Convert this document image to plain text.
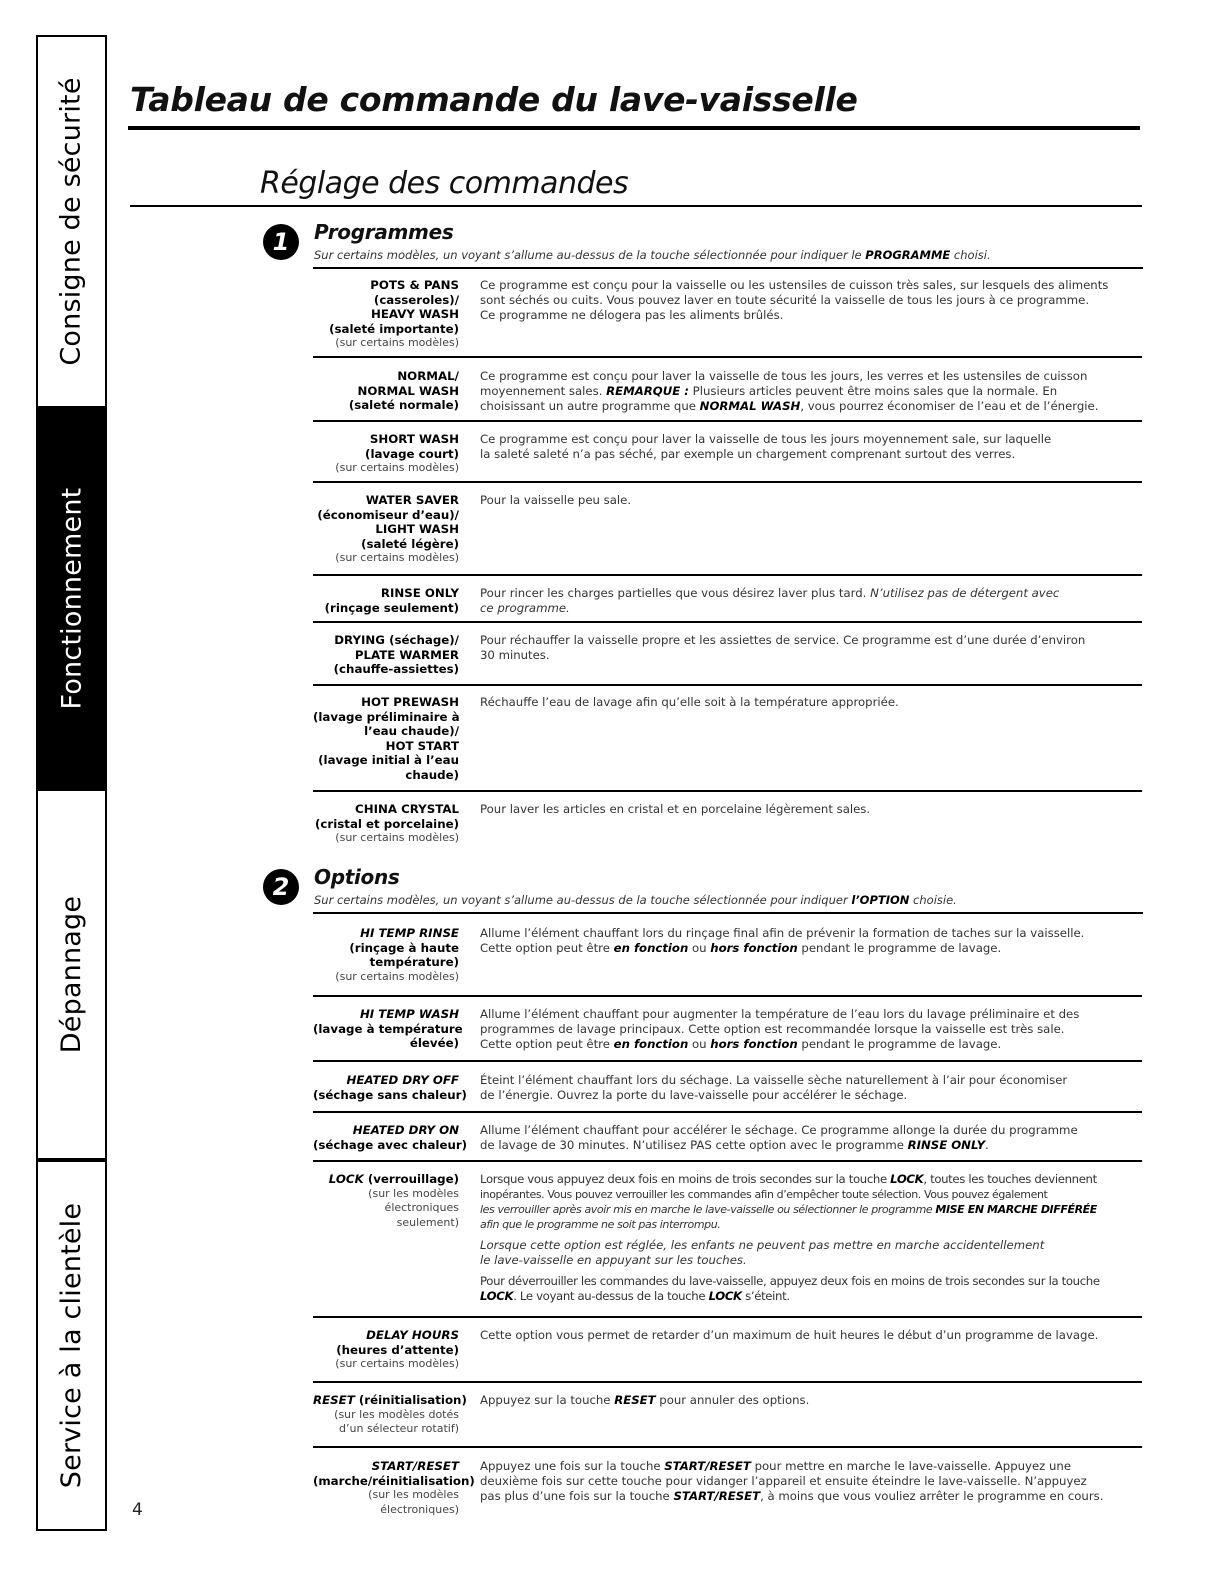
Consigne de sécurité
Fonctionnement
Dépannage
Service à la clientèle
Tableau de commande du lave-vaisselle
Réglage des commandes
1	Programmes
Sur certains modèles, un voyant s’allume au-dessus de la touche sélectionnée pour indiquer le PROGRAMME choisi.
POTS & PANS
(casseroles)/
HEAVY WASH
(saleté importante)
(sur certains modèles)
Ce programme est conçu pour la vaisselle ou les ustensiles de cuisson très sales, sur lesquels des aliments
sont séchés ou cuits. Vous pouvez laver en toute sécurité la vaisselle de tous les jours à ce programme.
Ce programme ne délogera pas les aliments brûlés.
NORMAL/
NORMAL WASH
(saleté normale)
Ce programme est conçu pour laver la vaisselle de tous les jours, les verres et les ustensiles de cuisson
moyennement sales. REMARQUE : Plusieurs articles peuvent être moins sales que la normale. En
choisissant un autre programme que NORMAL WASH, vous pourrez économiser de l’eau et de l’énergie.
SHORT WASH
(lavage court)
(sur certains modèles)
Ce programme est conçu pour laver la vaisselle de tous les jours moyennement sale, sur laquelle
la saleté saleté n’a pas séché, par exemple un chargement comprenant surtout des verres.
WATER SAVER
(économiseur d’eau)/
LIGHT WASH
(saleté légère)
(sur certains modèles)
Pour la vaisselle peu sale.
RINSE ONLY
(rinçage seulement)
Pour rincer les charges partielles que vous désirez laver plus tard. N’utilisez pas de détergent avec
ce programme.
DRYING (séchage)/
PLATE WARMER
(chauffe-assiettes)
Pour réchauffer la vaisselle propre et les assiettes de service. Ce programme est d’une durée d’environ
30 minutes.
HOT PREWASH
(lavage préliminaire à
l’eau chaude)/
HOT START
(lavage initial à l’eau
chaude)
Réchauffe l’eau de lavage afin qu’elle soit à la température appropriée.
CHINA CRYSTAL
(cristal et porcelaine)
(sur certains modèles)
Pour laver les articles en cristal et en porcelaine légèrement sales.
2	Options
Sur certains modèles, un voyant s’allume au-dessus de la touche sélectionnée pour indiquer l’OPTION choisie.
HI TEMP RINSE
(rinçage à haute
température)
(sur certains modèles)
Allume l’élément chauffant lors du rinçage final afin de prévenir la formation de taches sur la vaisselle.
Cette option peut être en fonction ou hors fonction pendant le programme de lavage.
HI TEMP WASH
(lavage à température
élevée)
Allume l’élément chauffant pour augmenter la température de l’eau lors du lavage préliminaire et des
programmes de lavage principaux. Cette option est recommandée lorsque la vaisselle est très sale.
Cette option peut être en fonction ou hors fonction pendant le programme de lavage.
HEATED DRY OFF
(séchage sans chaleur)
Éteint l’élément chauffant lors du séchage. La vaisselle sèche naturellement à l’air pour économiser
de l’énergie. Ouvrez la porte du lave-vaisselle pour accélérer le séchage.
HEATED DRY ON
(séchage avec chaleur)
Allume l’élément chauffant pour accélérer le séchage. Ce programme allonge la durée du programme
de lavage de 30 minutes. N’utilisez PAS cette option avec le programme RINSE ONLY.
LOCK (verrouillage)
(sur les modèles
électroniques
seulement)
Lorsque vous appuyez deux fois en moins de trois secondes sur la touche LOCK, toutes les touches deviennent
inopérantes. Vous pouvez verrouiller les commandes afin d’empêcher toute sélection. Vous pouvez également
les verrouiller après avoir mis en marche le lave-vaisselle ou sélectionner le programme MISE EN MARCHE DIFFÉRÉE
afin que le programme ne soit pas interrompu.
Lorsque cette option est réglée, les enfants ne peuvent pas mettre en marche accidentellement
le lave-vaisselle en appuyant sur les touches.
Pour déverrouiller les commandes du lave-vaisselle, appuyez deux fois en moins de trois secondes sur la touche
LOCK. Le voyant au-dessus de la touche LOCK s’éteint.
DELAY HOURS
(heures d’attente)
(sur certains modèles)
Cette option vous permet de retarder d’un maximum de huit heures le début d’un programme de lavage.
RESET (réinitialisation)
(sur les modèles dotés
d’un sélecteur rotatif)
Appuyez sur la touche RESET pour annuler des options.
START/RESET
(marche/réinitialisation)
(sur les modèles
électroniques)
Appuyez une fois sur la touche START/RESET pour mettre en marche le lave-vaisselle. Appuyez une
deuxième fois sur cette touche pour vidanger l’appareil et ensuite éteindre le lave-vaisselle. N’appuyez
pas plus d’une fois sur la touche START/RESET, à moins que vous vouliez arrêter le programme en cours.

4
